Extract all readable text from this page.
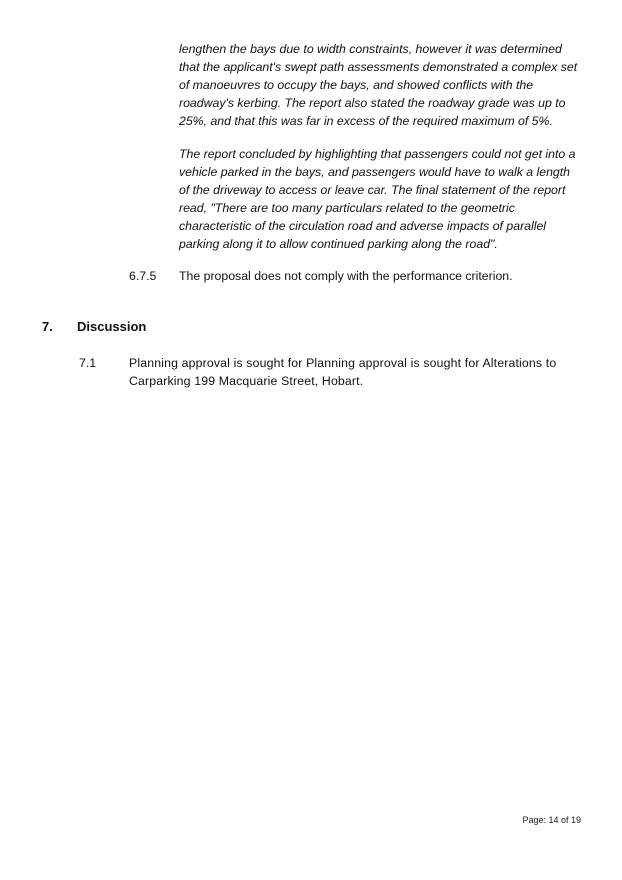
lengthen the bays due to width constraints, however it was determined that the applicant's swept path assessments demonstrated a complex set of manoeuvres to occupy the bays, and showed conflicts with the roadway's kerbing. The report also stated the roadway grade was up to 25%, and that this was far in excess of the required maximum of 5%.

The report concluded by highlighting that passengers could not get into a vehicle parked in the bays, and passengers would have to walk a length of the driveway to access or leave car. The final statement of the report read, "There are too many particulars related to the geometric characteristic of the circulation road and adverse impacts of parallel parking along it to allow continued parking along the road".

6.7.5 The proposal does not comply with the performance criterion.

7. Discussion
7.1	Planning approval is sought for Planning approval is sought for Alterations to Carparking 199 Macquarie Street, Hobart.

Page: 14 of 19
